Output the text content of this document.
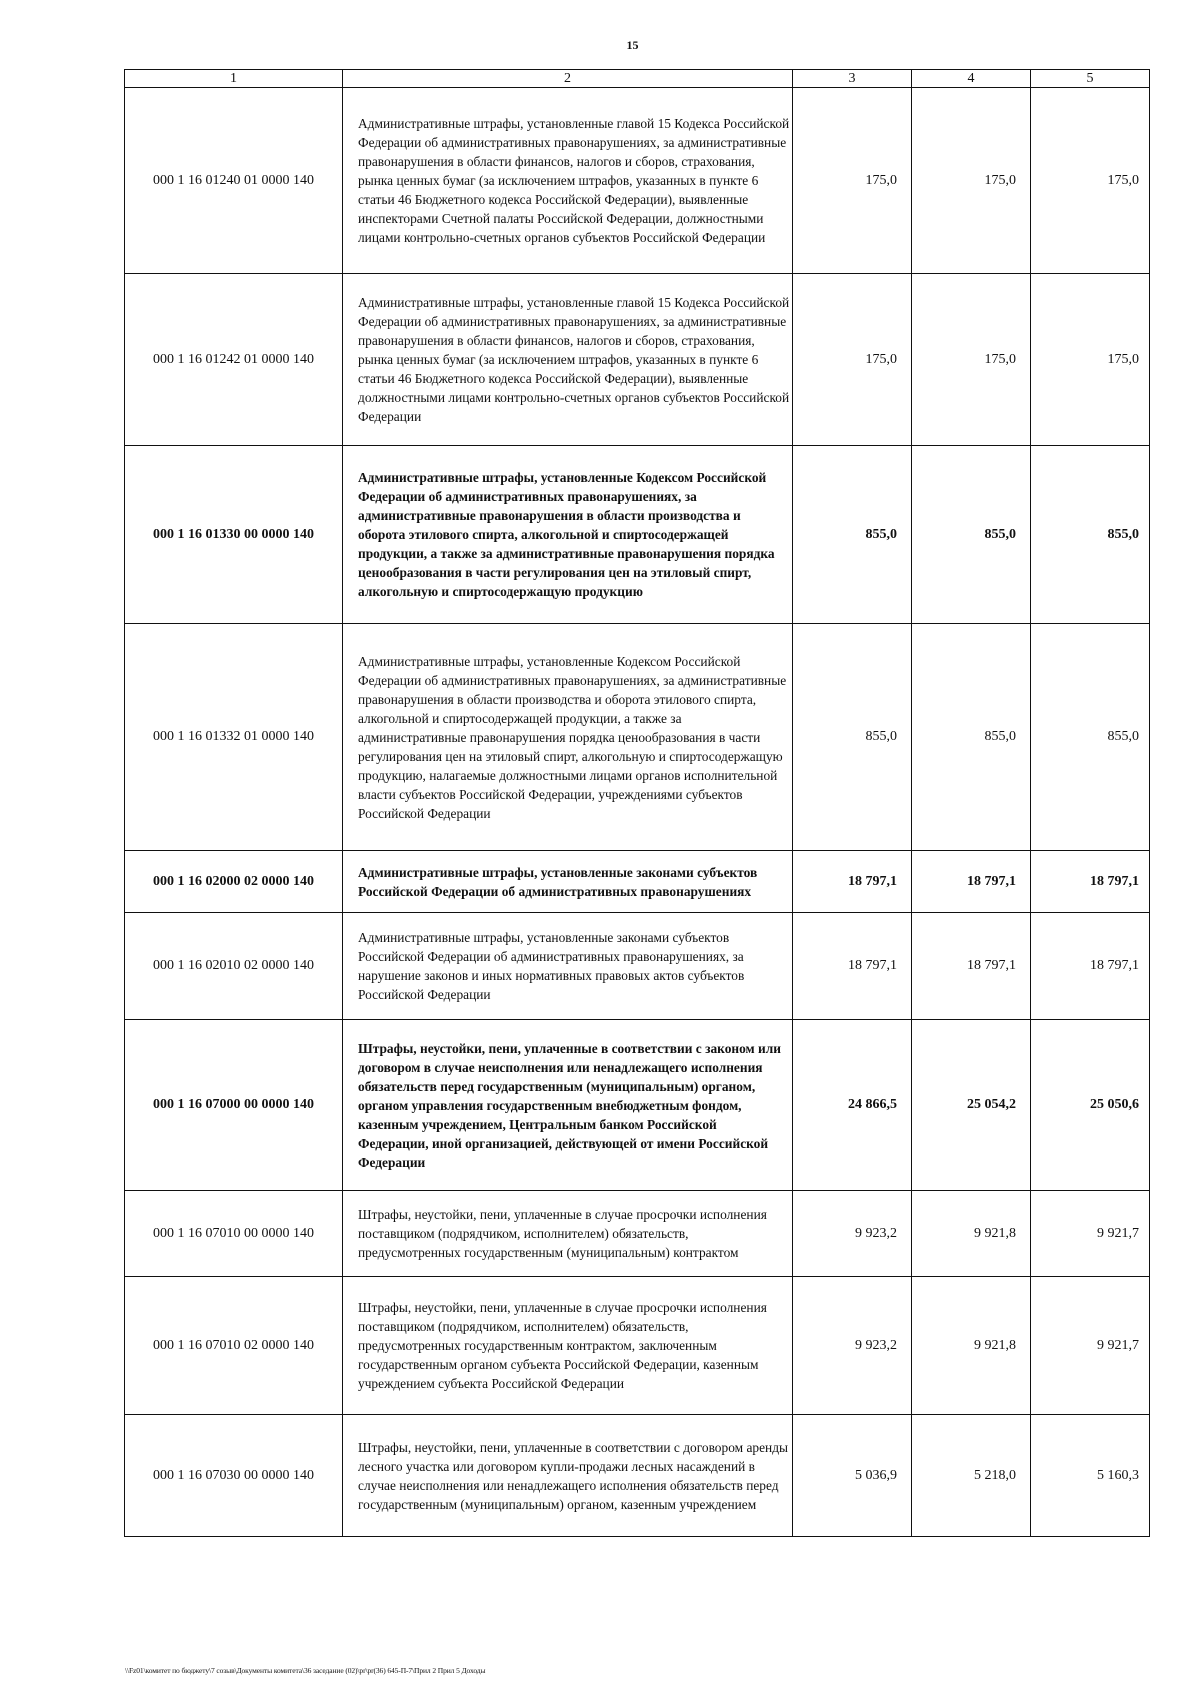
15
1	2	3	4	5
000 1 16 01240 01 0000 140	Административные штрафы, установленные главой 15 Кодекса Российской Федерации об административных правонарушениях, за административные правонарушения в области финансов, налогов и сборов, страхования, рынка ценных бумаг (за исключением штрафов, указанных в пункте 6 статьи 46 Бюджетного кодекса Российской Федерации), выявленные инспекторами Счетной палаты Российской Федерации, должностными лицами контрольно-счетных органов субъектов Российской Федерации	175,0	175,0	175,0
000 1 16 01242 01 0000 140	Административные штрафы, установленные главой 15 Кодекса Российской Федерации об административных правонарушениях, за административные правонарушения в области финансов, налогов и сборов, страхования, рынка ценных бумаг (за исключением штрафов, указанных в пункте 6 статьи 46 Бюджетного кодекса Российской Федерации), выявленные должностными лицами контрольно-счетных органов субъектов Российской Федерации	175,0	175,0	175,0
000 1 16 01330 00 0000 140	Административные штрафы, установленные Кодексом Российской Федерации об административных правонарушениях, за административные правонарушения в области производства и оборота этилового спирта, алкогольной и спиртосодержащей продукции, а также за административные правонарушения порядка ценообразования в части регулирования цен на этиловый спирт, алкогольную и спиртосодержащую продукцию	855,0	855,0	855,0
000 1 16 01332 01 0000 140	Административные штрафы, установленные Кодексом Российской Федерации об административных правонарушениях, за административные правонарушения в области производства и оборота этилового спирта, алкогольной и спиртосодержащей продукции, а также за административные правонарушения порядка ценообразования в части регулирования цен на этиловый спирт, алкогольную и спиртосодержащую продукцию, налагаемые должностными лицами органов исполнительной власти субъектов Российской Федерации, учреждениями субъектов Российской Федерации	855,0	855,0	855,0
000 1 16 02000 02 0000 140	Административные штрафы, установленные законами субъектов Российской Федерации об административных правонарушениях	18 797,1	18 797,1	18 797,1
000 1 16 02010 02 0000 140	Административные штрафы, установленные законами субъектов Российской Федерации об административных правонарушениях, за нарушение законов и иных нормативных правовых актов субъектов Российской Федерации	18 797,1	18 797,1	18 797,1
000 1 16 07000 00 0000 140	Штрафы, неустойки, пени, уплаченные в соответствии с законом или договором в случае неисполнения или ненадлежащего исполнения обязательств перед государственным (муниципальным) органом, органом управления государственным внебюджетным фондом, казенным учреждением, Центральным банком Российской Федерации, иной организацией, действующей от имени Российской Федерации	24 866,5	25 054,2	25 050,6
000 1 16 07010 00 0000 140	Штрафы, неустойки, пени, уплаченные в случае просрочки исполнения поставщиком (подрядчиком, исполнителем) обязательств, предусмотренных государственным (муниципальным) контрактом	9 923,2	9 921,8	9 921,7
000 1 16 07010 02 0000 140	Штрафы, неустойки, пени, уплаченные в случае просрочки исполнения поставщиком (подрядчиком, исполнителем) обязательств, предусмотренных государственным контрактом, заключенным государственным органом субъекта Российской Федерации, казенным учреждением субъекта Российской Федерации	9 923,2	9 921,8	9 921,7
000 1 16 07030 00 0000 140	Штрафы, неустойки, пени, уплаченные в соответствии с договором аренды лесного участка или договором купли-продажи лесных насаждений в случае неисполнения или ненадлежащего исполнения обязательств перед государственным (муниципальным) органом, казенным учреждением	5 036,9	5 218,0	5 160,3
\\Fz01\комитет по бюджету\7 созыв\Документы комитета\36 заседание (02)\pr\pr(36) 645-П-7\Прил 2 Прил 5 Доходы
